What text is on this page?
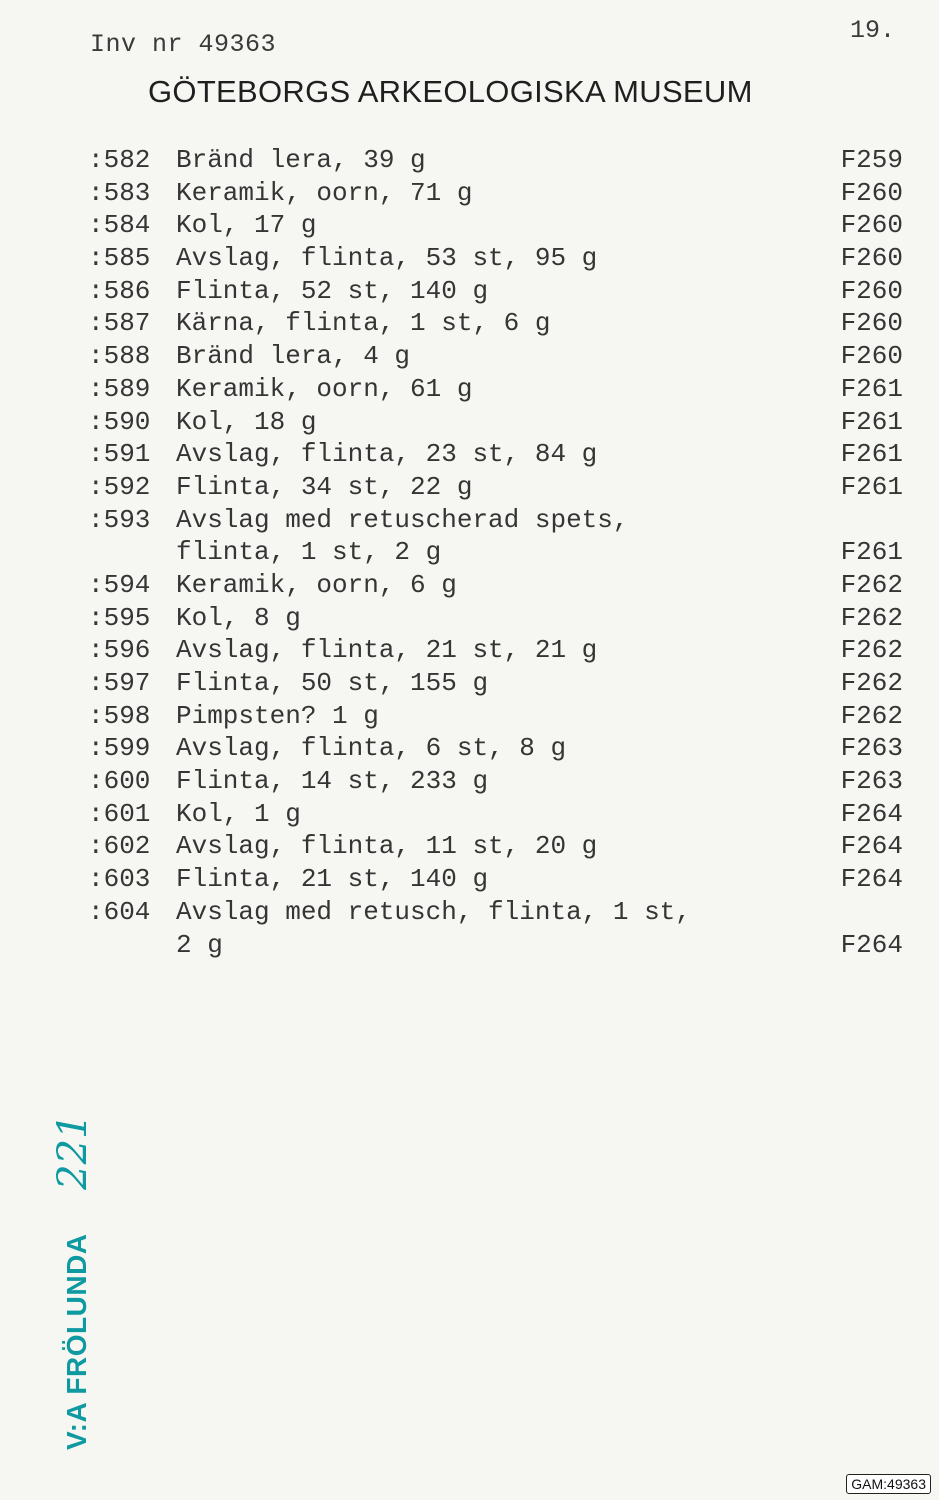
Inv nr 49363	19.
GÖTEBORGS ARKEOLOGISKA MUSEUM
:582 Bränd lera, 39 g	F259
:583 Keramik, oorn, 71 g	F260
:584 Kol, 17 g	F260
:585 Avslag, flinta, 53 st, 95 g	F260
:586 Flinta, 52 st, 140 g	F260
:587 Kärna, flinta, 1 st, 6 g	F260
:588 Bränd lera, 4 g	F260
:589 Keramik, oorn, 61 g	F261
:590 Kol, 18 g	F261
:591 Avslag, flinta, 23 st, 84 g	F261
:592 Flinta, 34 st, 22 g	F261
:593 Avslag med retuscherad spets,
flinta, 1 st, 2 g	F261
:594 Keramik, oorn, 6 g	F262
:595 Kol, 8 g	F262
:596 Avslag, flinta, 21 st, 21 g	F262
:597 Flinta, 50 st, 155 g	F262
:598 Pimpsten? 1 g	F262
:599 Avslag, flinta, 6 st, 8 g	F263
:600 Flinta, 14 st, 233 g	F263
:601 Kol, 1 g	F264
:602 Avslag, flinta, 11 st, 20 g	F264
:603 Flinta, 21 st, 140 g	F264
:604 Avslag med retusch, flinta, 1 st,
2 g	F264
V:A FRÖLUNDA 221
GAM:49363
